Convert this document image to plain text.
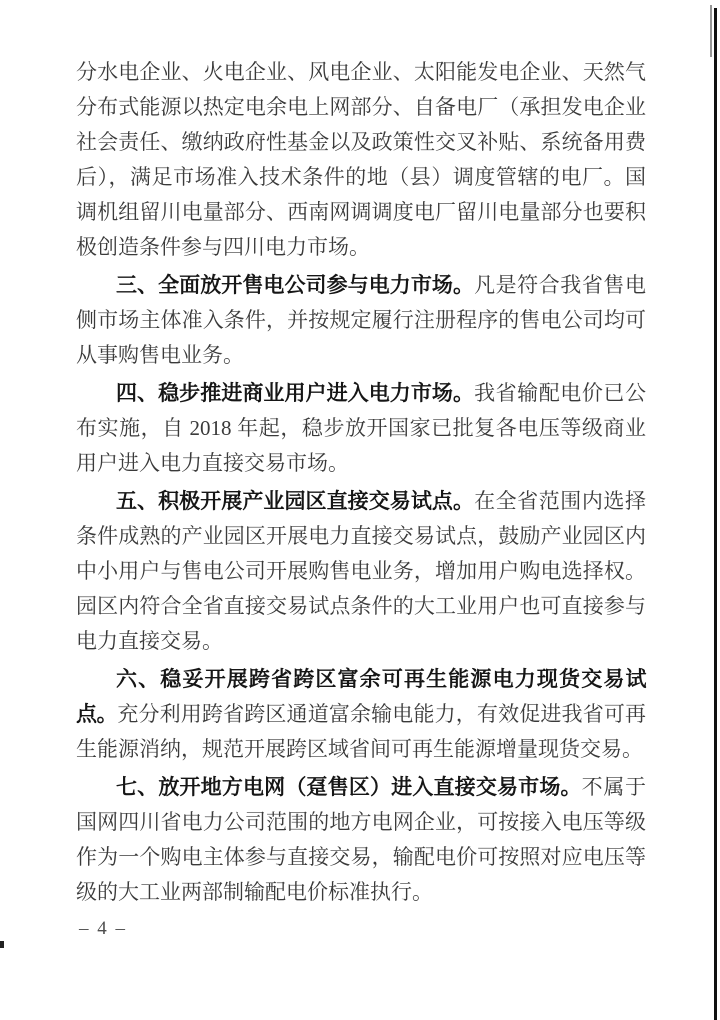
分水电企业、火电企业、风电企业、太阳能发电企业、天然气分布式能源以热定电余电上网部分、自备电厂（承担发电企业社会责任、缴纳政府性基金以及政策性交叉补贴、系统备用费后），满足市场准入技术条件的地（县）调度管辖的电厂。国调机组留川电量部分、西南网调调度电厂留川电量部分也要积极创造条件参与四川电力市场。

三、全面放开售电公司参与电力市场。凡是符合我省售电侧市场主体准入条件，并按规定履行注册程序的售电公司均可从事购售电业务。

四、稳步推进商业用户进入电力市场。我省输配电价已公布实施，自 2018 年起，稳步放开国家已批复各电压等级商业用户进入电力直接交易市场。

五、积极开展产业园区直接交易试点。在全省范围内选择条件成熟的产业园区开展电力直接交易试点，鼓励产业园区内中小用户与售电公司开展购售电业务，增加用户购电选择权。园区内符合全省直接交易试点条件的大工业用户也可直接参与电力直接交易。

六、稳妥开展跨省跨区富余可再生能源电力现货交易试点。充分利用跨省跨区通道富余输电能力，有效促进我省可再生能源消纳，规范开展跨区域省间可再生能源增量现货交易。

七、放开地方电网（趸售区）进入直接交易市场。不属于国网四川省电力公司范围的地方电网企业，可按接入电压等级作为一个购电主体参与直接交易，输配电价可按照对应电压等级的大工业两部制输配电价标准执行。

– 4 –
